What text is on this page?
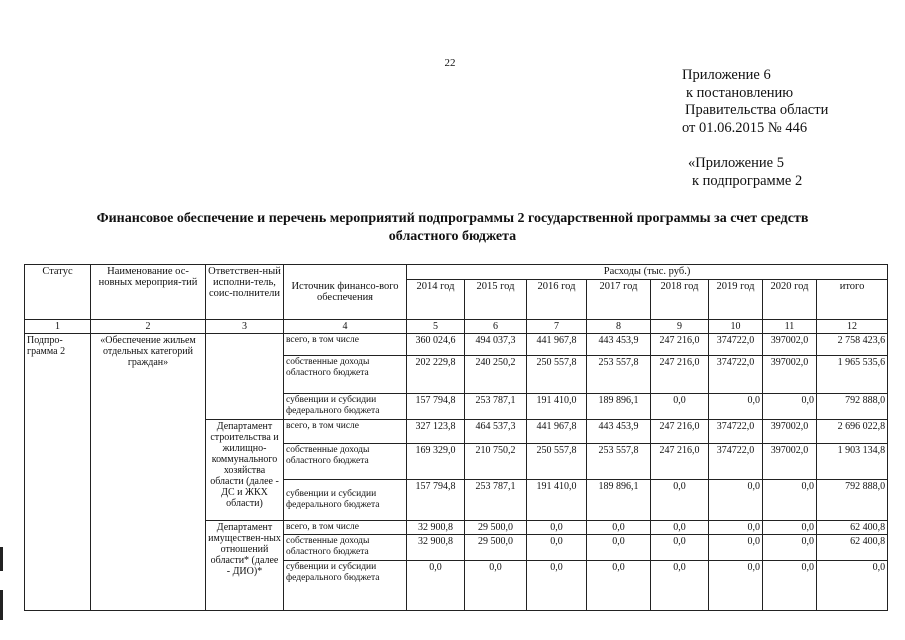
22
Приложение 6
к постановлению
Правительства области
от 01.06.2015 № 446
«Приложение 5
к подпрограмме 2
Финансовое обеспечение и перечень мероприятий подпрограммы 2 государственной программы за счет средств
областного бюджета
Статус	Наименование ос-новных мероприя-тий	Ответствен-ный исполни-тель, соис-полнители	Источник финансо-вого обеспечения	Расходы (тыс. руб.)							
				2014 год	2015 год	2016 год	2017 год	2018 год	2019 год	2020 год	итого
1	2	3	4	5	6	7	8	9	10	11	12
Подпро-грамма 2	«Обеспечение жильем отдельных категорий граждан»		всего, в том числе	360 024,6	494 037,3	441 967,8	443 453,9	247 216,0	374722,0	397002,0	2 758 423,6
			собственные доходы областного бюджета	202 229,8	240 250,2	250 557,8	253 557,8	247 216,0	374722,0	397002,0	1 965 535,6
			субвенции и субсидии федерального бюджета	157 794,8	253 787,1	191 410,0	189 896,1	0,0	0,0	0,0	792 888,0
		Департамент строительства и жилищно-коммунального хозяйства области (далее - ДС и ЖКХ области)	всего, в том числе	327 123,8	464 537,3	441 967,8	443 453,9	247 216,0	374722,0	397002,0	2 696 022,8
			собственные доходы областного бюджета	169 329,0	210 750,2	250 557,8	253 557,8	247 216,0	374722,0	397002,0	1 903 134,8
			субвенции и субсидии федерального бюджета	157 794,8	253 787,1	191 410,0	189 896,1	0,0	0,0	0,0	792 888,0
		Департамент имуществен-ных отношений области* (далее - ДИО)*	всего, в том числе	32 900,8	29 500,0	0,0	0,0	0,0	0,0	0,0	62 400,8
			собственные доходы областного бюджета	32 900,8	29 500,0	0,0	0,0	0,0	0,0	0,0	62 400,8
			субвенции и субсидии федерального бюджета	0,0	0,0	0,0	0,0	0,0	0,0	0,0	0,0
